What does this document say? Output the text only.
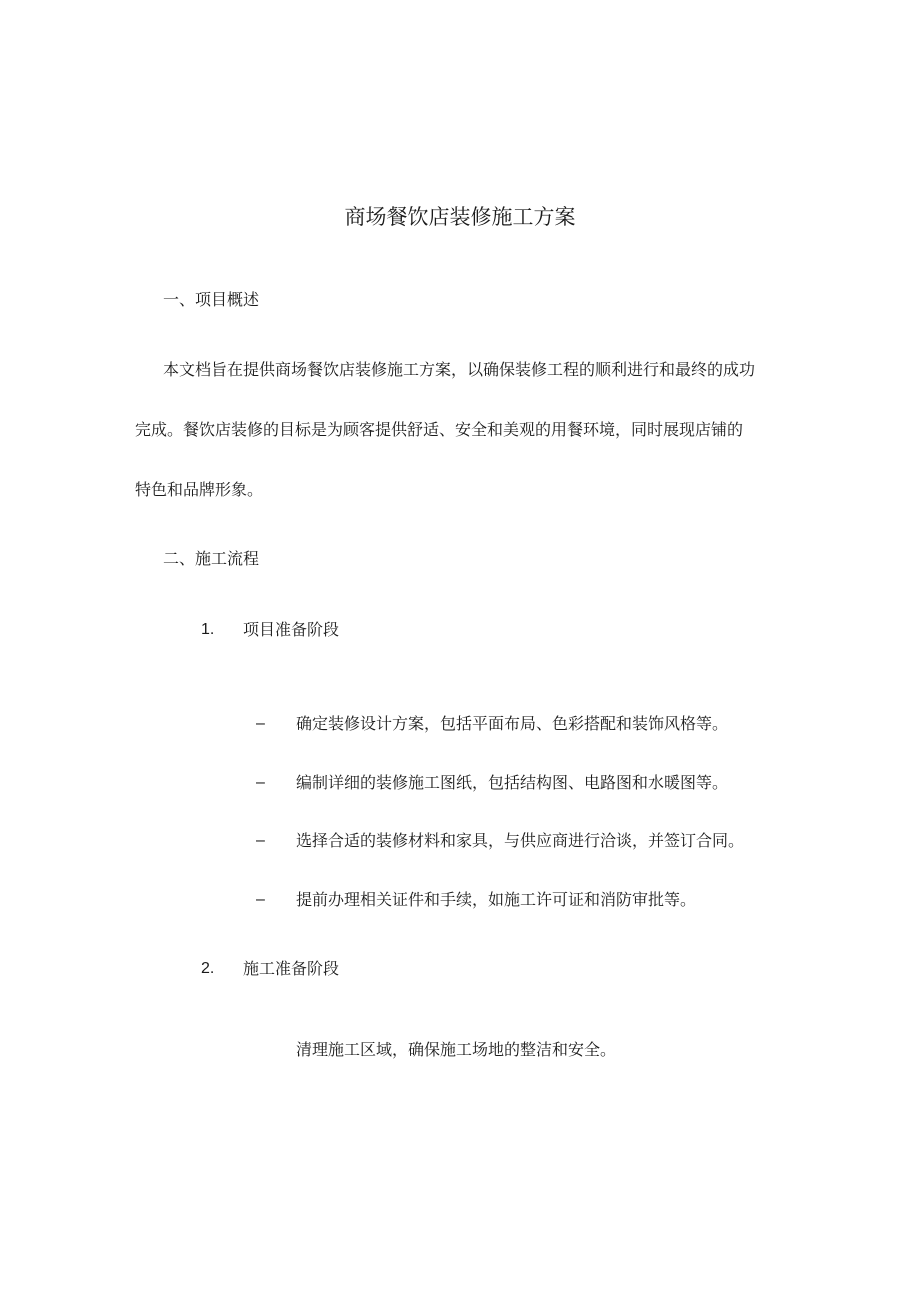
商场餐饮店装修施工方案
一、项目概述
本文档旨在提供商场餐饮店装修施工方案，以确保装修工程的顺利进行和最终的成功
完成。餐饮店装修的目标是为顾客提供舒适、安全和美观的用餐环境，同时展现店铺的
特色和品牌形象。
二、施工流程
1. 项目准备阶段
– 确定装修设计方案，包括平面布局、色彩搭配和装饰风格等。
– 编制详细的装修施工图纸，包括结构图、电路图和水暖图等。
– 选择合适的装修材料和家具，与供应商进行洽谈，并签订合同。
– 提前办理相关证件和手续，如施工许可证和消防审批等。
2. 施工准备阶段
清理施工区域，确保施工场地的整洁和安全。
